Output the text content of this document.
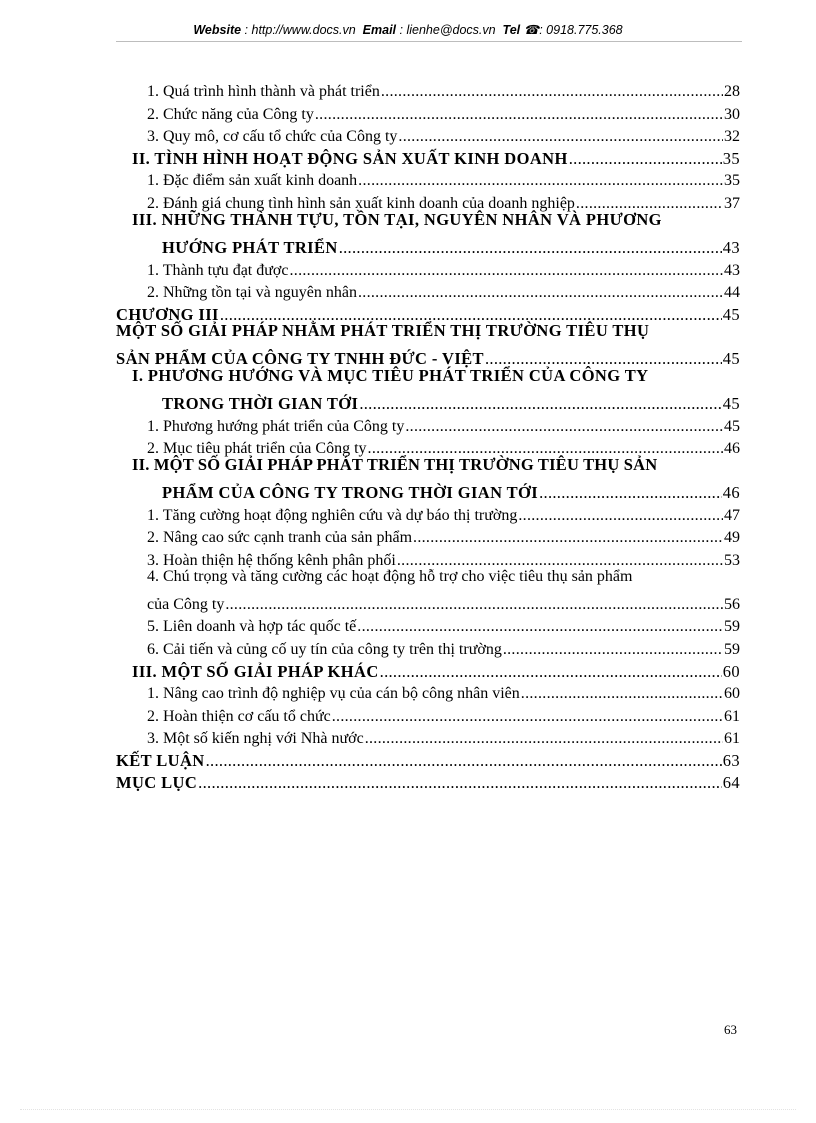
Website : http://www.docs.vn Email : lienhe@docs.vn Tel ☎: 0918.775.368
1. Quá trình hình thành và phát triển .....	28
2. Chức năng của Công ty .....	30
3. Quy mô, cơ cấu tổ chức của Công ty .....	32
II. TÌNH HÌNH HOẠT ĐỘNG SẢN XUẤT KINH DOANH .....	35
1. Đặc điểm sản xuất kinh doanh .....	35
2. Đánh giá chung tình hình sản xuất kinh doanh của doanh nghiệp .....	37
III. NHỮNG THÀNH TỰU, TỒN TẠI, NGUYÊN NHÂN VÀ PHƯƠNG
HƯỚNG PHÁT TRIỂN .....	43
1. Thành tựu đạt được .....	43
2. Những tồn tại và nguyên nhân .....	44
CHƯƠNG III .....	45
MỘT SỐ GIẢI PHÁP NHẰM PHÁT TRIỂN THỊ TRƯỜNG TIÊU THỤ
SẢN PHẨM CỦA CÔNG TY TNHH ĐỨC - VIỆT .....	45
I. PHƯƠNG HƯỚNG VÀ MỤC TIÊU PHÁT TRIỂN CỦA CÔNG TY
TRONG THỜI GIAN TỚI .....	45
1. Phương hướng phát triển của Công ty .....	45
2. Mục tiêu phát triển của Công ty .....	46
II. MỘT SỐ GIẢI PHÁP PHÁT TRIỂN THỊ TRƯỜNG TIÊU THỤ SẢN
PHẨM CỦA CÔNG TY TRONG THỜI GIAN TỚI .....	46
1. Tăng cường hoạt động nghiên cứu và dự báo thị trường .....	47
2. Nâng cao sức cạnh tranh của sản phẩm .....	49
3. Hoàn thiện hệ thống kênh phân phối .....	53
4. Chú trọng và tăng cường các hoạt động hỗ trợ cho việc tiêu thụ sản phẩm
của Công ty .....	56
5. Liên doanh và hợp tác quốc tế .....	59
6. Cải tiến và củng cố uy tín của công ty trên thị trường .....	59
III. MỘT SỐ GIẢI PHÁP KHÁC .....	60
1. Nâng cao trình độ nghiệp vụ của cán bộ công nhân viên .....	60
2. Hoàn thiện cơ cấu tổ chức .....	61
3. Một số kiến nghị với Nhà nước .....	61
KẾT LUẬN .....	63
MỤC LỤC .....	64
63
